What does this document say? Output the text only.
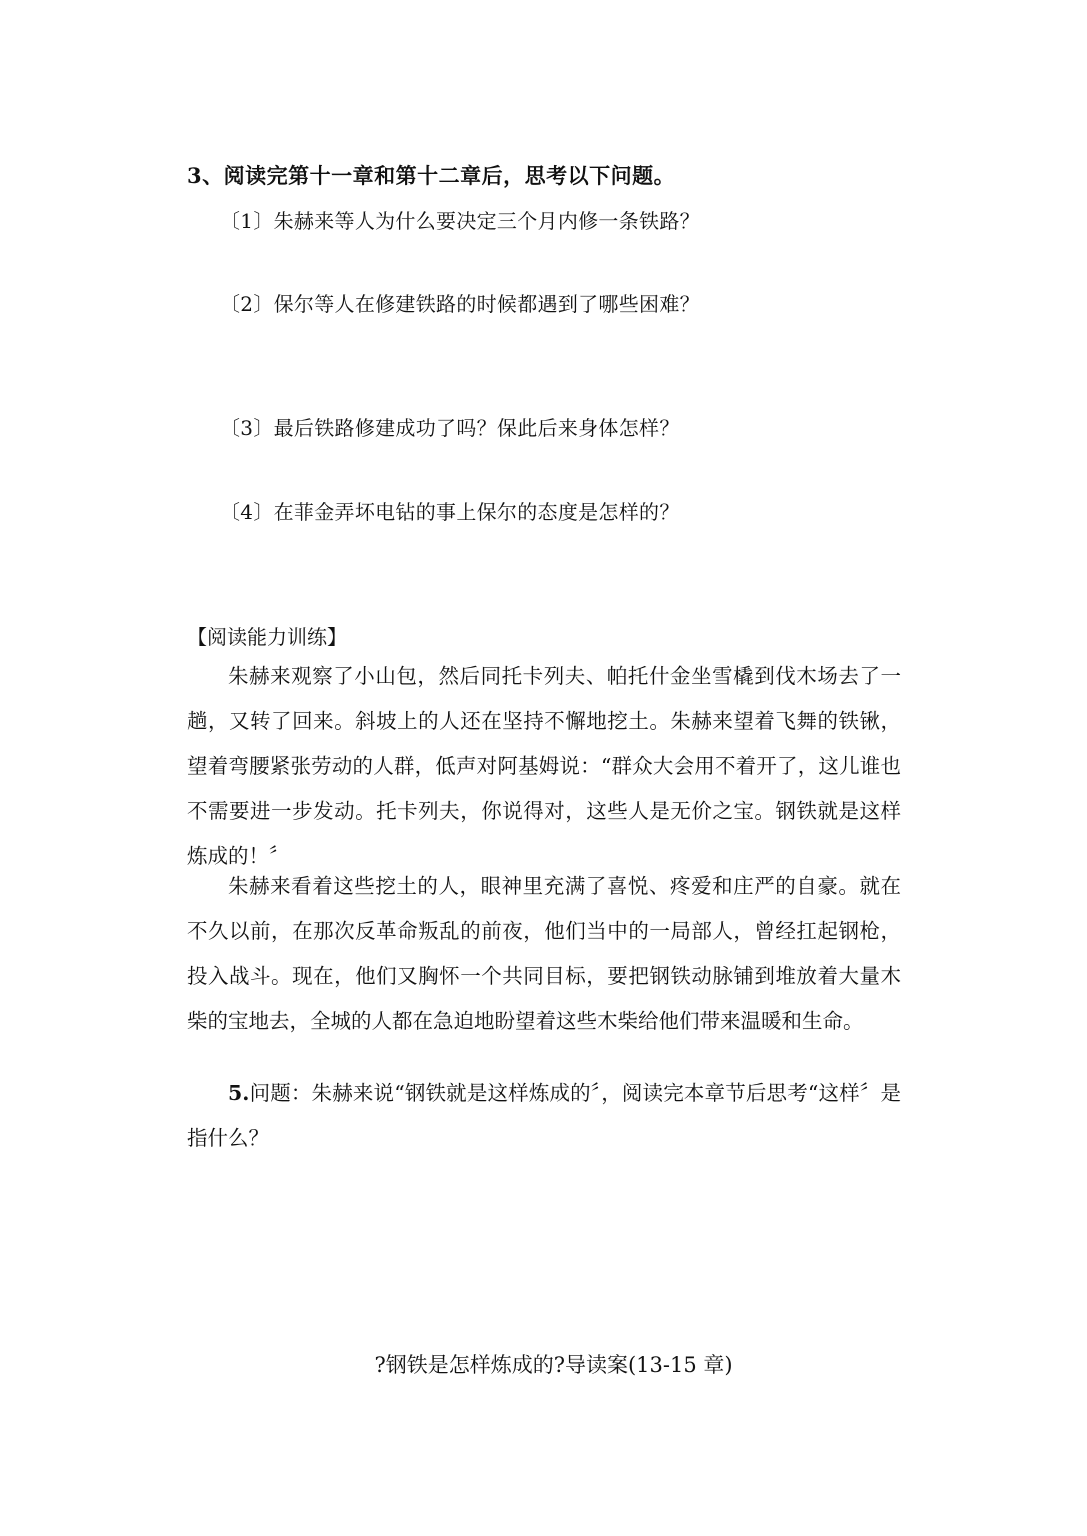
3、阅读完第十一章和第十二章后，思考以下问题。
〔1〕朱赫来等人为什么要决定三个月内修一条铁路？
〔2〕保尔等人在修建铁路的时候都遇到了哪些困难？
〔3〕最后铁路修建成功了吗？保此后来身体怎样？
〔4〕在菲金弄坏电钻的事上保尔的态度是怎样的？
【阅读能力训练】

朱赫来观察了小山包，然后同托卡列夫、帕托什金坐雪橇到伐木场去了一趟，又转了回来。斜坡上的人还在坚持不懈地挖土。朱赫来望着飞舞的铁锹，望着弯腰紧张劳动的人群，低声对阿基姆说：“群众大会用不着开了，这儿谁也不需要进一步发动。托卡列夫，你说得对，这些人是无价之宝。钢铁就是这样炼成的！〞

朱赫来看着这些挖土的人，眼神里充满了喜悦、疼爱和庄严的自豪。就在不久以前，在那次反革命叛乱的前夜，他们当中的一局部人，曾经扛起钢枪，投入战斗。现在，他们又胸怀一个共同目标，要把钢铁动脉铺到堆放着大量木柴的宝地去，全城的人都在急迫地盼望着这些木柴给他们带来温暖和生命。

5.问题：朱赫来说“钢铁就是这样炼成的〞，阅读完本章节后思考“这样〞是指什么？

?钢铁是怎样炼成的?导读案(13-15 章)
